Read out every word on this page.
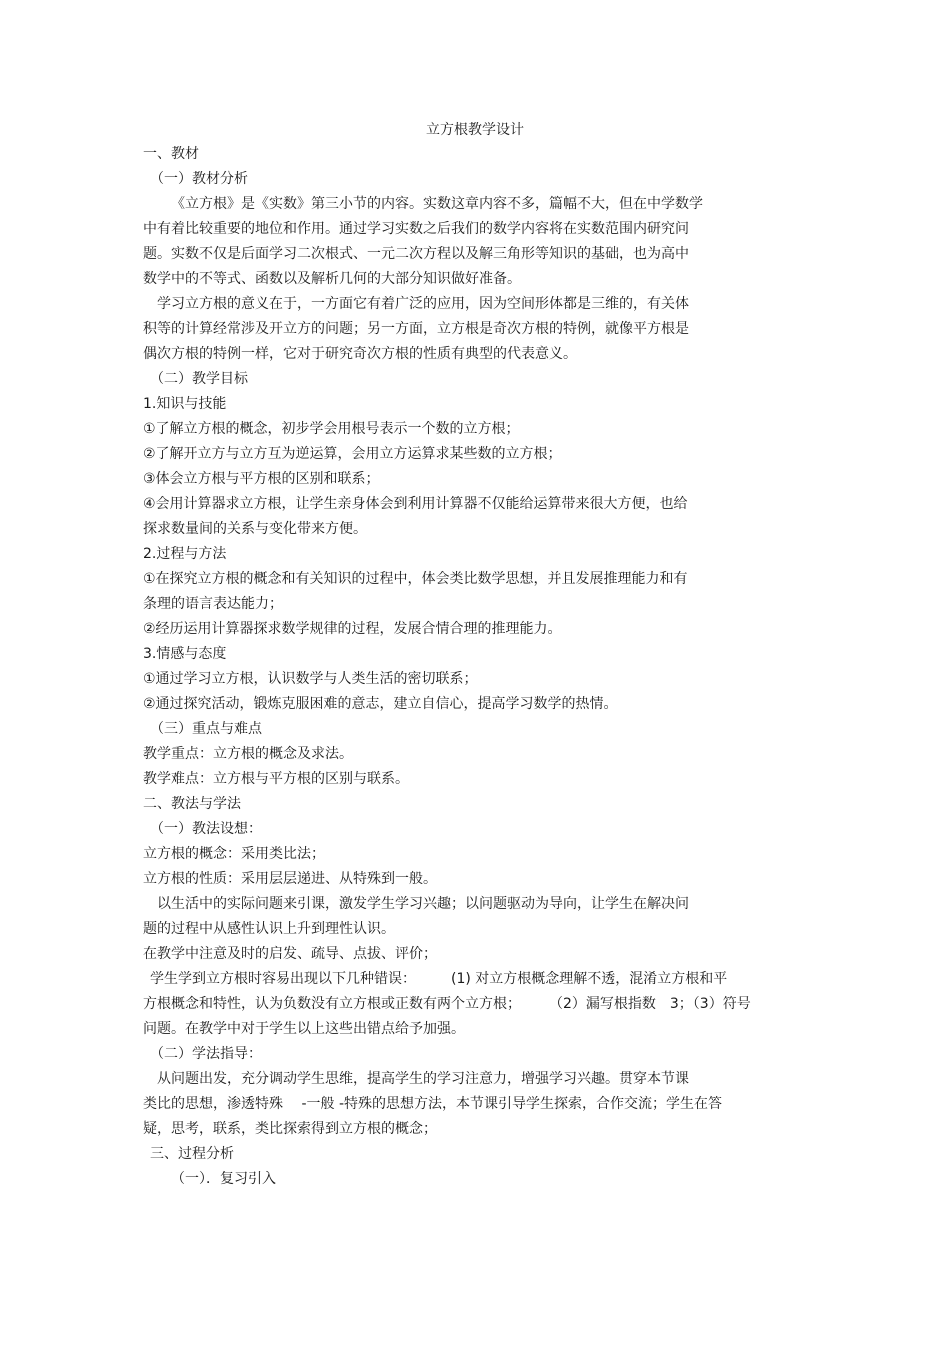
立方根教学设计
一、教材
（一）教材分析
《立方根》是《实数》第三小节的内容。实数这章内容不多，篇幅不大，但在中学数学
中有着比较重要的地位和作用。通过学习实数之后我们的数学内容将在实数范围内研究问
题。实数不仅是后面学习二次根式、一元二次方程以及解三角形等知识的基础，也为高中
数学中的不等式、函数以及解析几何的大部分知识做好准备。
学习立方根的意义在于，一方面它有着广泛的应用，因为空间形体都是三维的，有关体
积等的计算经常涉及开立方的问题；另一方面，立方根是奇次方根的特例，就像平方根是
偶次方根的特例一样，它对于研究奇次方根的性质有典型的代表意义。
（二）教学目标
1.知识与技能
①了解立方根的概念，初步学会用根号表示一个数的立方根；
②了解开立方与立方互为逆运算，会用立方运算求某些数的立方根；
③体会立方根与平方根的区别和联系；
④会用计算器求立方根，让学生亲身体会到利用计算器不仅能给运算带来很大方便，也给
探求数量间的关系与变化带来方便。
2.过程与方法
①在探究立方根的概念和有关知识的过程中，体会类比数学思想，并且发展推理能力和有
条理的语言表达能力；
②经历运用计算器探求数学规律的过程，发展合情合理的推理能力。
3.情感与态度
①通过学习立方根，认识数学与人类生活的密切联系；
②通过探究活动，锻炼克服困难的意志，建立自信心，提高学习数学的热情。
（三）重点与难点
教学重点：立方根的概念及求法。
教学难点：立方根与平方根的区别与联系。
二、教法与学法
（一）教法设想：
立方根的概念：采用类比法；
立方根的性质：采用层层递进、从特殊到一般。
以生活中的实际问题来引课，激发学生学习兴趣；以问题驱动为导向，让学生在解决问
题的过程中从感性认识上升到理性认识。
在教学中注意及时的启发、疏导、点拔、评价；
学生学到立方根时容易出现以下几种错误：　　　(1) 对立方根概念理解不透，混淆立方根和平
方根概念和特性，认为负数没有立方根或正数有两个立方根；　　　（2）漏写根指数　3；（3）符号
问题。在教学中对于学生以上这些出错点给予加强。
（二）学法指导：
从问题出发，充分调动学生思维，提高学生的学习注意力，增强学习兴趣。贯穿本节课
类比的思想，渗透特殊　 -一般 -特殊的思想方法，本节课引导学生探索，合作交流；学生在答
疑，思考，联系，类比探索得到立方根的概念；
三、过程分析
（一）．复习引入
